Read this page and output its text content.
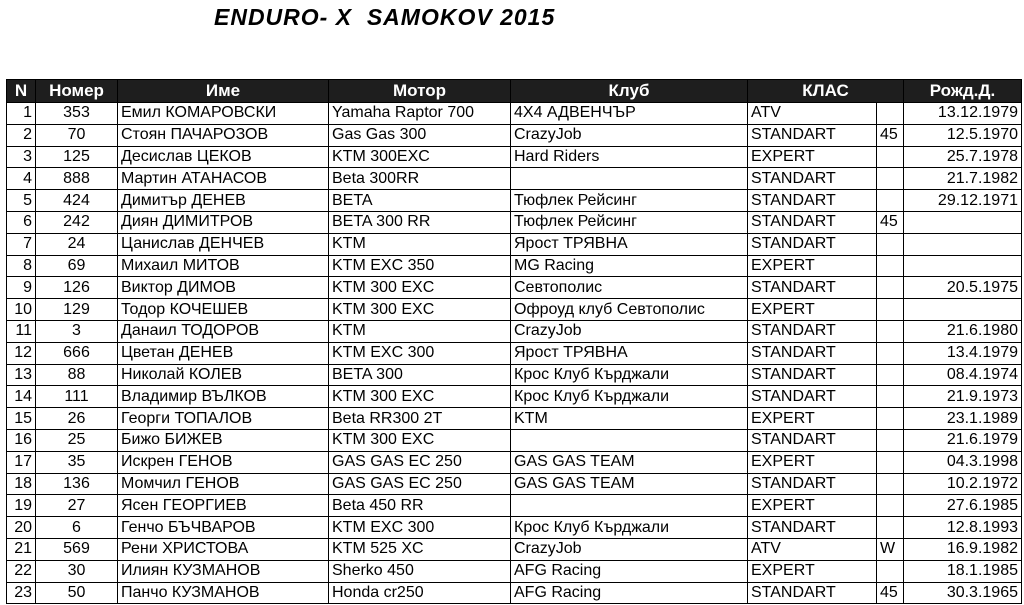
ENDURO- X  SAMOKOV 2015
N	Номер	Име	Мотор	Клуб	КЛАС		Рожд.Д.
1	353	Емил КОМАРОВСКИ	Yamaha Raptor 700	4X4 АДВЕНЧЪР	ATV		13.12.1979
2	70	Стоян ПАЧАРОЗОВ	Gas Gas 300	CrazyJob	STANDART	45	12.5.1970
3	125	Десислав ЦЕКОВ	KTM 300EXC	Hard Riders	EXPERT		25.7.1978
4	888	Мартин АТАНАСОВ	Beta 300RR		STANDART		21.7.1982
5	424	Димитър ДЕНЕВ	BETA	Тюфлек Рейсинг	STANDART		29.12.1971
6	242	Диян ДИМИТРОВ	BETA 300 RR	Тюфлек Рейсинг	STANDART	45	
7	24	Цанислав ДЕНЧЕВ	KTM	Ярост ТРЯВНА	STANDART		
8	69	Михаил МИТОВ	KTM EXC 350	MG Racing	EXPERT		
9	126	Виктор ДИМОВ	KTM 300 EXC	Севтополис	STANDART		20.5.1975
10	129	Тодор КОЧЕШЕВ	KTM 300 EXC	Офроуд клуб Севтополис	EXPERT		
11	3	Данаил ТОДОРОВ	KTM	CrazyJob	STANDART		21.6.1980
12	666	Цветан ДЕНЕВ	KTM EXC 300	Ярост ТРЯВНА	STANDART		13.4.1979
13	88	Николай КОЛЕВ	BETA 300	Крос Клуб Кърджали	STANDART		08.4.1974
14	111	Владимир ВЪЛКОВ	KTM 300 EXC	Крос Клуб Кърджали	STANDART		21.9.1973
15	26	Георги ТОПАЛОВ	Beta RR300 2T	KTM	EXPERT		23.1.1989
16	25	Бижо БИЖЕВ	KTM 300 EXC		STANDART		21.6.1979
17	35	Искрен ГЕНОВ	GAS GAS EC 250	GAS GAS TEAM	EXPERT		04.3.1998
18	136	Момчил ГЕНОВ	GAS GAS EC 250	GAS GAS TEAM	STANDART		10.2.1972
19	27	Ясен ГЕОРГИЕВ	Beta 450 RR		EXPERT		27.6.1985
20	6	Генчо БЪЧВАРОВ	KTM EXC 300	Крос Клуб Кърджали	STANDART		12.8.1993
21	569	Рени ХРИСТОВА	KTM 525 XC	CrazyJob	ATV	W	16.9.1982
22	30	Илиян КУЗМАНОВ	Sherko 450	AFG Racing	EXPERT		18.1.1985
23	50	Панчо КУЗМАНОВ	Honda cr250	AFG Racing	STANDART	45	30.3.1965
